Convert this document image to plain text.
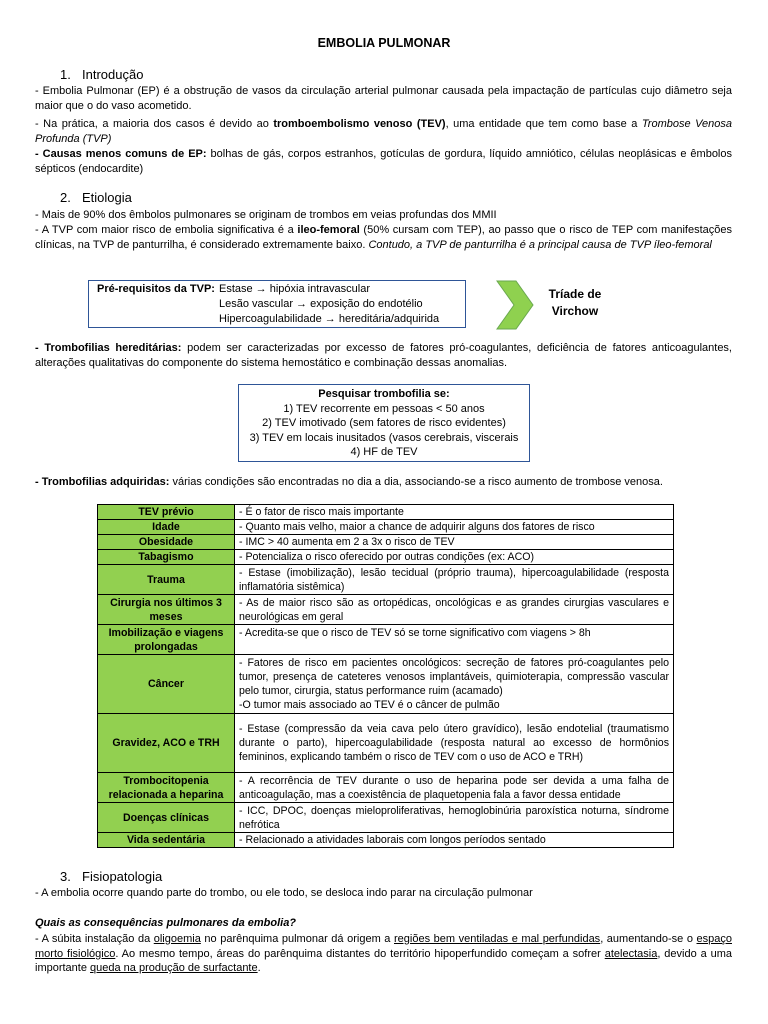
EMBOLIA PULMONAR
1. Introdução
- Embolia Pulmonar (EP) é a obstrução de vasos da circulação arterial pulmonar causada pela impactação de partículas cujo diâmetro seja maior que o do vaso acometido.
- Na prática, a maioria dos casos é devido ao tromboembolismo venoso (TEV), uma entidade que tem como base a Trombose Venosa Profunda (TVP)
- Causas menos comuns de EP: bolhas de gás, corpos estranhos, gotículas de gordura, líquido amniótico, células neoplásicas e êmbolos sépticos (endocardite)
2. Etiologia
- Mais de 90% dos êmbolos pulmonares se originam de trombos em veias profundas dos MMII
- A TVP com maior risco de embolia significativa é a ileo-femoral (50% cursam com TEP), ao passo que o risco de TEP com manifestações clínicas, na TVP de panturrilha, é considerado extremamente baixo. Contudo, a TVP de panturrilha é a principal causa de TVP íleo-femoral
Pré-requisitos da TVP: Estase → hipóxia intravascular
Lesão vascular → exposição do endotélio
Hipercoagulabilidade → hereditária/adquirida
Tríade de
Virchow
- Trombofilias hereditárias: podem ser caracterizadas por excesso de fatores pró-coagulantes, deficiência de fatores anticoagulantes, alterações qualitativas do componente do sistema hemostático e combinação dessas anomalias.
Pesquisar trombofilia se:
1) TEV recorrente em pessoas < 50 anos
2) TEV imotivado (sem fatores de risco evidentes)
3) TEV em locais inusitados (vasos cerebrais, viscerais
4) HF de TEV
- Trombofilias adquiridas: várias condições são encontradas no dia a dia, associando-se a risco aumento de trombose venosa.
TEV prévio	- É o fator de risco mais importante
Idade	- Quanto mais velho, maior a chance de adquirir alguns dos fatores de risco
Obesidade	- IMC > 40 aumenta em 2 a 3x o risco de TEV
Tabagismo	- Potencializa o risco oferecido por outras condições (ex: ACO)
Trauma	- Estase (imobilização), lesão tecidual (próprio trauma), hipercoagulabilidade (resposta inflamatória sistêmica)
Cirurgia nos últimos 3 meses	- As de maior risco são as ortopédicas, oncológicas e as grandes cirurgias vasculares e neurológicas em geral
Imobilização e viagens prolongadas	- Acredita-se que o risco de TEV só se torne significativo com viagens > 8h
Câncer	- Fatores de risco em pacientes oncológicos: secreção de fatores pró-coagulantes pelo tumor, presença de cateteres venosos implantáveis, quimioterapia, compressão vascular pelo tumor, cirurgia, status performance ruim (acamado)
-O tumor mais associado ao TEV é o câncer de pulmão

Gravidez, ACO e TRH	- Estase (compressão da veia cava pelo útero gravídico), lesão endotelial (traumatismo durante o parto), hipercoagulabilidade (resposta natural ao excesso de hormônios femininos, explicando também o risco de TEV com o uso de ACO e TRH)
Trombocitopenia relacionada a heparina	- A recorrência de TEV durante o uso de heparina pode ser devida a uma falha de anticoagulação, mas a coexistência de plaquetopenia fala a favor dessa entidade
Doenças clínicas	- ICC, DPOC, doenças mieloproliferativas, hemoglobinúria paroxística noturna, síndrome nefrótica
Vida sedentária	- Relacionado a atividades laborais com longos períodos sentado
3. Fisiopatologia
- A embolia ocorre quando parte do trombo, ou ele todo, se desloca indo parar na circulação pulmonar
Quais as consequências pulmonares da embolia?
- A súbita instalação da oligoemia no parênquima pulmonar dá origem a regiões bem ventiladas e mal perfundidas, aumentando-se o espaço morto fisiológico. Ao mesmo tempo, áreas do parênquima distantes do território hipoperfundido começam a sofrer atelectasia, devido a uma importante queda na produção de surfactante.
